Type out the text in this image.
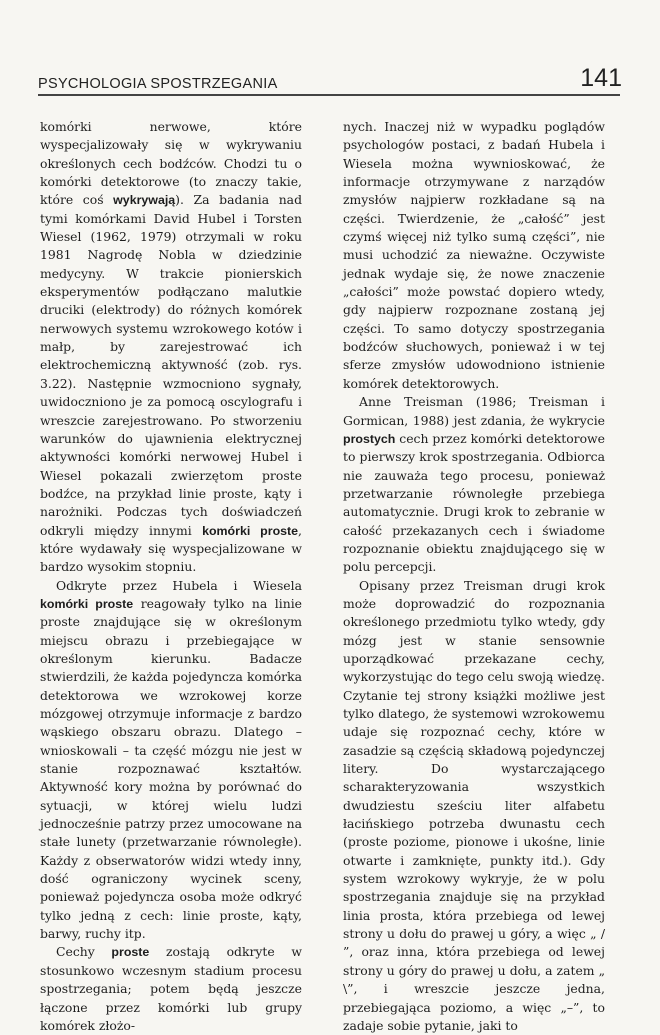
PSYCHOLOGIA SPOSTRZEGANIA	141

komórki nerwowe, które wyspecjalizowały się w wykrywaniu określonych cech bodźców. Chodzi tu o komórki detektorowe (to znaczy takie, które coś wykrywają). Za badania nad tymi komórkami David Hubel i Torsten Wiesel (1962, 1979) otrzymali w roku 1981 Nagrodę Nobla w dziedzinie medycyny. W trakcie pionierskich eksperymentów podłączano malutkie druciki (elektrody) do różnych komórek nerwowych systemu wzrokowego kotów i małp, by zarejestrować ich elektrochemiczną aktywność (zob. rys. 3.22). Następnie wzmocniono sygnały, uwidoczniono je za pomocą oscylografu i wreszcie zarejestrowano. Po stworzeniu warunków do ujawnienia elektrycznej aktywności komórki nerwowej Hubel i Wiesel pokazali zwierzętom proste bodźce, na przykład linie proste, kąty i narożniki. Podczas tych doświadczeń odkryli między innymi komórki proste, które wydawały się wyspecjalizowane w bardzo wysokim stopniu.

Odkryte przez Hubela i Wiesela komórki proste reagowały tylko na linie proste znajdujące się w określonym miejscu obrazu i przebiegające w określonym kierunku. Badacze stwierdzili, że każda pojedyncza komórka detektorowa we wzrokowej korze mózgowej otrzymuje informacje z bardzo wąskiego obszaru obrazu. Dlatego – wnioskowali – ta część mózgu nie jest w stanie rozpoznawać kształtów. Aktywność kory można by porównać do sytuacji, w której wielu ludzi jednocześnie patrzy przez umocowane na stałe lunety (przetwarzanie równoległe). Każdy z obserwatorów widzi wtedy inny, dość ograniczony wycinek sceny, ponieważ pojedyncza osoba może odkryć tylko jedną z cech: linie proste, kąty, barwy, ruchy itp.

Cechy proste zostają odkryte w stosunkowo wczesnym stadium procesu spostrzegania; potem będą jeszcze łączone przez komórki lub grupy komórek złożo-

nych. Inaczej niż w wypadku poglądów psychologów postaci, z badań Hubela i Wiesela można wywnioskować, że informacje otrzymywane z narządów zmysłów najpierw rozkładane są na części. Twierdzenie, że „całość” jest czymś więcej niż tylko sumą części”, nie musi uchodzić za nieważne. Oczywiste jednak wydaje się, że nowe znaczenie „całości” może powstać dopiero wtedy, gdy najpierw rozpoznane zostaną jej części. To samo dotyczy spostrzegania bodźców słuchowych, ponieważ i w tej sferze zmysłów udowodniono istnienie komórek detektorowych.

Anne Treisman (1986; Treisman i Gormican, 1988) jest zdania, że wykrycie prostych cech przez komórki detektorowe to pierwszy krok spostrzegania. Odbiorca nie zauważa tego procesu, ponieważ przetwarzanie równoległe przebiega automatycznie. Drugi krok to zebranie w całość przekazanych cech i świadome rozpoznanie obiektu znajdującego się w polu percepcji.

Opisany przez Treisman drugi krok może doprowadzić do rozpoznania określonego przedmiotu tylko wtedy, gdy mózg jest w stanie sensownie uporządkować przekazane cechy, wykorzystując do tego celu swoją wiedzę. Czytanie tej strony książki możliwe jest tylko dlatego, że systemowi wzrokowemu udaje się rozpoznać cechy, które w zasadzie są częścią składową pojedynczej litery. Do wystarczającego scharakteryzowania wszystkich dwudziestu sześciu liter alfabetu łacińskiego potrzeba dwunastu cech (proste poziome, pionowe i ukośne, linie otwarte i zamknięte, punkty itd.). Gdy system wzrokowy wykryje, że w polu spostrzegania znajduje się na przykład linia prosta, która przebiega od lewej strony u dołu do prawej u góry, a więc „ / ”, oraz inna, która przebiega od lewej strony u góry do prawej u dołu, a zatem „ \”, i wreszcie jeszcze jedna, przebiegająca poziomo, a więc „–”, to zadaje sobie pytanie, jaki to
